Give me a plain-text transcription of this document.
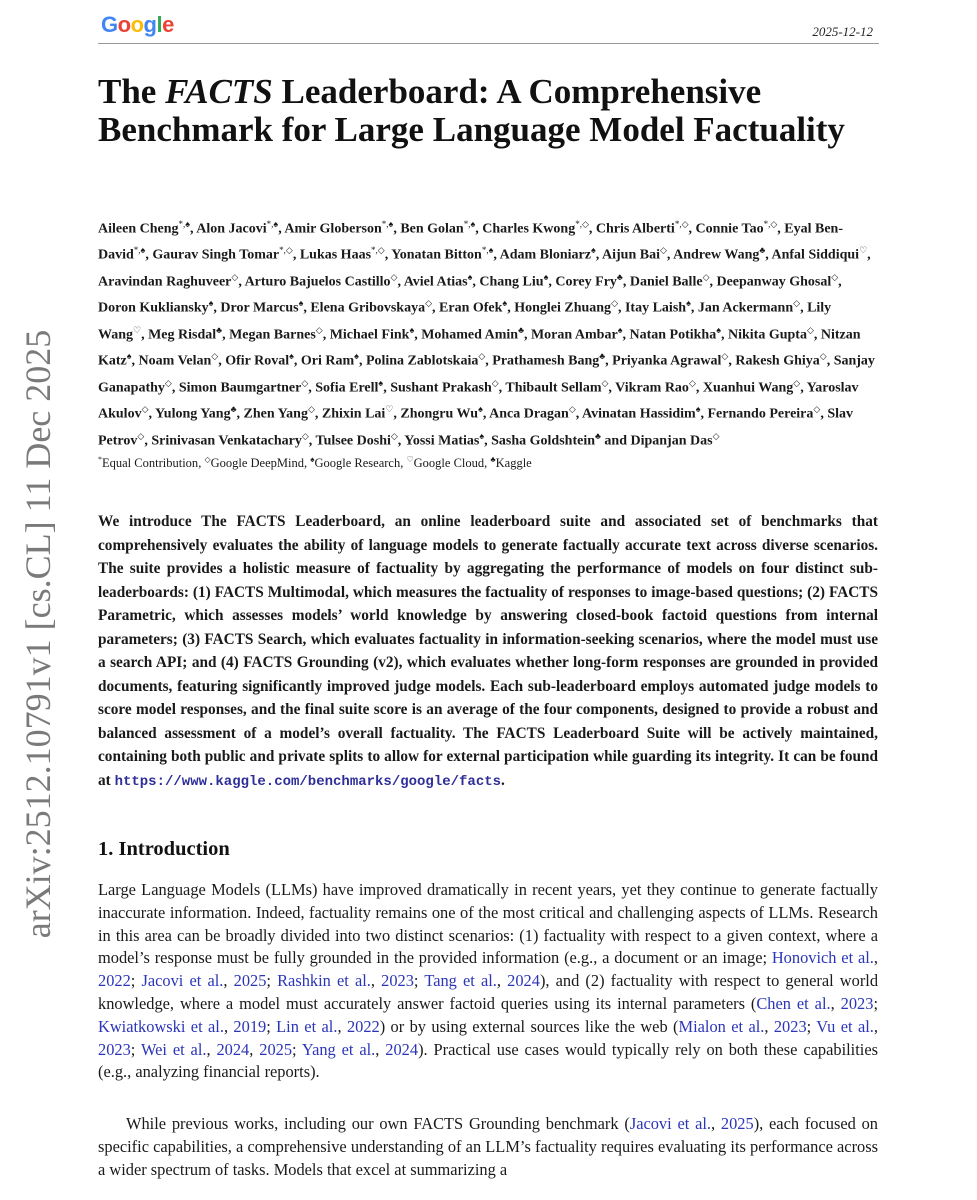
Google	2025-12-12
arXiv:2512.10791v1 [cs.CL] 11 Dec 2025
The FACTS Leaderboard: A Comprehensive Benchmark for Large Language Model Factuality
Aileen Cheng*,♠, Alon Jacovi*,♠, Amir Globerson*,♠, Ben Golan*,♠, Charles Kwong*,◇, Chris Alberti*,◇, Connie Tao*,◇, Eyal Ben-David*,♠, Gaurav Singh Tomar*,◇, Lukas Haas*,◇, Yonatan Bitton*,♠, Adam Bloniarz♠, Aijun Bai◇, Andrew Wang♣, Anfal Siddiqui♡, Aravindan Raghuveer◇, Arturo Bajuelos Castillo◇, Aviel Atias♠, Chang Liu♠, Corey Fry♣, Daniel Balle◇, Deepanway Ghosal◇, Doron Kukliansky♠, Dror Marcus♠, Elena Gribovskaya◇, Eran Ofek♠, Honglei Zhuang◇, Itay Laish♠, Jan Ackermann◇, Lily Wang♡, Meg Risdal♣, Megan Barnes◇, Michael Fink♠, Mohamed Amin♣, Moran Ambar♠, Natan Potikha♠, Nikita Gupta◇, Nitzan Katz♠, Noam Velan◇, Ofir Roval♠, Ori Ram♠, Polina Zablotskaia◇, Prathamesh Bang♣, Priyanka Agrawal◇, Rakesh Ghiya◇, Sanjay Ganapathy◇, Simon Baumgartner◇, Sofia Erell♠, Sushant Prakash◇, Thibault Sellam◇, Vikram Rao◇, Xuanhui Wang◇, Yaroslav Akulov◇, Yulong Yang♣, Zhen Yang◇, Zhixin Lai♡, Zhongru Wu♠, Anca Dragan◇, Avinatan Hassidim♠, Fernando Pereira◇, Slav Petrov◇, Srinivasan Venkatachary◇, Tulsee Doshi◇, Yossi Matias♠, Sasha Goldshtein♣ and Dipanjan Das◇
*Equal Contribution, ◇Google DeepMind, ♠Google Research, ♡Google Cloud, ♣Kaggle

We introduce The FACTS Leaderboard, an online leaderboard suite and associated set of benchmarks that comprehensively evaluates the ability of language models to generate factually accurate text across diverse scenarios. The suite provides a holistic measure of factuality by aggregating the performance of models on four distinct sub-leaderboards: (1) FACTS Multimodal, which measures the factuality of responses to image-based questions; (2) FACTS Parametric, which assesses models’ world knowledge by answering closed-book factoid questions from internal parameters; (3) FACTS Search, which evaluates factuality in information-seeking scenarios, where the model must use a search API; and (4) FACTS Grounding (v2), which evaluates whether long-form responses are grounded in provided documents, featuring significantly improved judge models. Each sub-leaderboard employs automated judge models to score model responses, and the final suite score is an average of the four components, designed to provide a robust and balanced assessment of a model’s overall factuality. The FACTS Leaderboard Suite will be actively maintained, containing both public and private splits to allow for external participation while guarding its integrity. It can be found at https://www.kaggle.com/benchmarks/google/facts.

1. Introduction

Large Language Models (LLMs) have improved dramatically in recent years, yet they continue to generate factually inaccurate information. Indeed, factuality remains one of the most critical and challenging aspects of LLMs. Research in this area can be broadly divided into two distinct scenarios: (1) factuality with respect to a given context, where a model’s response must be fully grounded in the provided information (e.g., a document or an image; Honovich et al., 2022; Jacovi et al., 2025; Rashkin et al., 2023; Tang et al., 2024), and (2) factuality with respect to general world knowledge, where a model must accurately answer factoid queries using its internal parameters (Chen et al., 2023; Kwiatkowski et al., 2019; Lin et al., 2022) or by using external sources like the web (Mialon et al., 2023; Vu et al., 2023; Wei et al., 2024, 2025; Yang et al., 2024). Practical use cases would typically rely on both these capabilities (e.g., analyzing financial reports).

While previous works, including our own FACTS Grounding benchmark (Jacovi et al., 2025), each focused on specific capabilities, a comprehensive understanding of an LLM’s factuality requires evaluating its performance across a wider spectrum of tasks. Models that excel at summarizing a
